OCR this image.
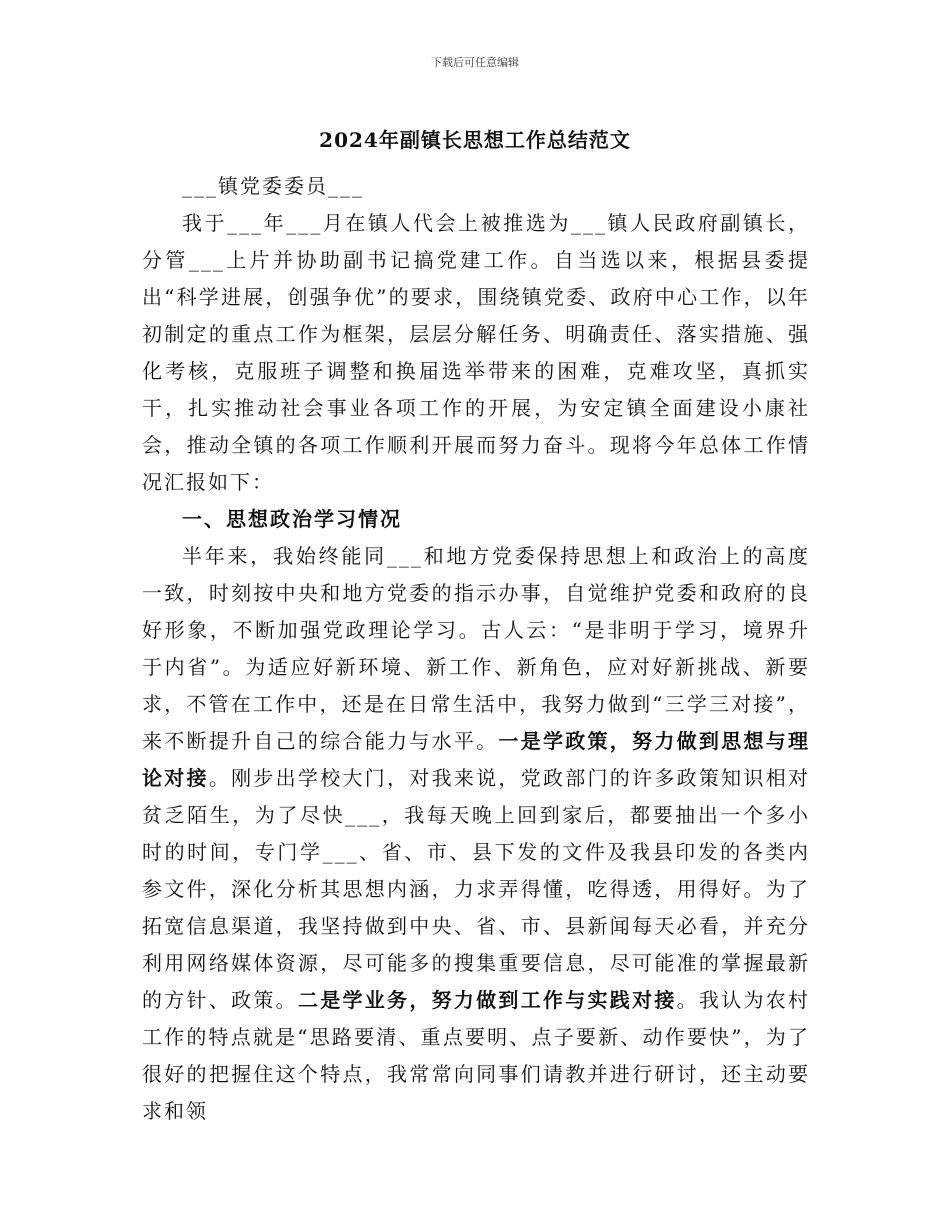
下载后可任意编辑
2024年副镇长思想工作总结范文

___镇党委委员___

我于___年___月在镇人代会上被推选为___镇人民政府副镇长，分管___上片并协助副书记搞党建工作。自当选以来，根据县委提出“科学进展，创强争优”的要求，围绕镇党委、政府中心工作，以年初制定的重点工作为框架，层层分解任务、明确责任、落实措施、强化考核，克服班子调整和换届选举带来的困难，克难攻坚，真抓实干，扎实推动社会事业各项工作的开展，为安定镇全面建设小康社会，推动全镇的各项工作顺利开展而努力奋斗。现将今年总体工作情况汇报如下：

一、思想政治学习情况

半年来，我始终能同___和地方党委保持思想上和政治上的高度一致，时刻按中央和地方党委的指示办事，自觉维护党委和政府的良好形象，不断加强党政理论学习。古人云：“是非明于学习，境界升于内省”。为适应好新环境、新工作、新角色，应对好新挑战、新要求，不管在工作中，还是在日常生活中，我努力做到“三学三对接”，来不断提升自己的综合能力与水平。一是学政策，努力做到思想与理论对接。刚步出学校大门，对我来说，党政部门的许多政策知识相对贫乏陌生，为了尽快___，我每天晚上回到家后，都要抽出一个多小时的时间，专门学___、省、市、县下发的文件及我县印发的各类内参文件，深化分析其思想内涵，力求弄得懂，吃得透，用得好。为了拓宽信息渠道，我坚持做到中央、省、市、县新闻每天必看，并充分利用网络媒体资源，尽可能多的搜集重要信息，尽可能准的掌握最新的方针、政策。二是学业务，努力做到工作与实践对接。我认为农村工作的特点就是“思路要清、重点要明、点子要新、动作要快”，为了很好的把握住这个特点，我常常向同事们请教并进行研讨，还主动要求和领
